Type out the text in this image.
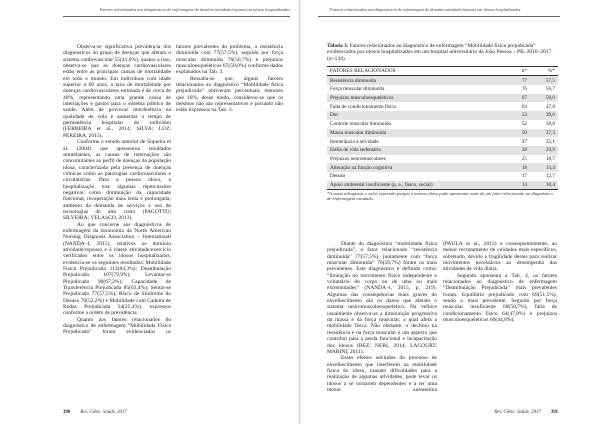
Fatores relacionados aos diagnósticos de enfermagem do domínio atividade/repouso em idosos hospitalizados

Observa-se significativa prevalência dos diagnósticos do grupo de doenças que afetam o sistema cardiovascular 55(41,0%), quanto a isso, observa-se que as doenças cardiovasculares estão entre as principais causas de mortalidade em todo o mundo. Em indivíduos com idade superior a 60 anos, a taxa de mortalidade por doenças cardiovasculares estimada é de cerca de 40%, representando uma grande causa de internações e gastos para o sistema público de saúde. Além de provocar interferência na qualidade de vida e aumentar o tempo de permanência hospitalar do indivíduo (FERREIRA et al., 2014; SILVA; LUZ; PEREIRA, 2015).

Conforme o estudo anterior de Siqueira et al. (2004) que apresentou resultados semelhantes, as causas de internações são concomitantes ao perfil de doenças da população idosa, caracterizada pela presença de doenças crônicas como as patologias cardiovasculares e circulatórias. Para a pessoa idosa, a hospitalização traz algumas repercussões negativas como diminuição da capacidade funcional, recuperação mais lenta e prolongada; aumento da demanda de serviços e uso de tecnologias de alto custo (PAGOTTO; SILVEIRA; VELASCO, 2013).

Ao que concerne aos diagnósticos de enfermagem da taxonomia da North American Nursing Diagnosis Association – International (NANDA–I, 2015), relativos ao domínio atividade/repouso e à classe atividade/exercício verificados entre os idosos hospitalizados, evidencia-se os seguintes resultados: Mobilidade Física Prejudicada 113(84,3%); Deambulação Prejudicada 107(79,9%); Levantar-se Prejudicado 90(67,2%); Capacidade de Transferência Prejudicada 85(63,4%); Sentar-se Prejudicado 77(57,5%); Risco de Síndrome do Desuso 70(52,2%) e Mobilidade com Cadeira de Rodas Prejudicada 34(25,4%), expressos conforme a ordem de prevalência.

Quanto aos fatores relacionados do diagnóstico de enfermagem “Mobilidade Física Prejudicada” foram evidenciados os

fatores prevalentes do problema, a resistência diminuída com 77(57,5%), seguido por força muscular diminuída 76(56,7%) e prejuízos musculoesqueléticos 67(50,0%) conforme dados explanados na Tab. 3.

Ressalta-se que, alguns fatores relacionados ao diagnóstico “Mobilidade física prejudicada” obtiveram percentuais menores que 10%, desse modo, considerou-se que os mesmos não são representativos e portanto não estão expressos na Tab. 3.

390 Rev. Ciênc. Saúde, 2017
Fatores relacionados aos diagnósticos de enfermagem do domínio atividade/repouso em idosos hospitalizados
Tabela 3. Fatores relacionados ao diagnóstico de enfermagem “Mobilidade física prejudicada” evidenciados por idosos hospitalizados em um hospital universitário de João Pessoa – PB, 2016–2017. (n=134)
FATORES RELACIONADOS	n*	%*
Resistência diminuída	77	57,5
Força muscular diminuída	76	56,7
Prejuízos musculoesqueléticos	67	50,0
Falta de condicionamento físico	64	47,8
Dor	53	39,6
Controle muscular diminuído	52	38,8
Massa muscular diminuída	50	37,3
Intolerância à atividade	47	35,1
Estilo de vida sedentário	28	20,9
Prejuízos neuromusculares	25	18,7
Alteração na função cognitiva	18	13,4
Desuso	17	12,7
Apoio ambiental insuficiente (p. e., físico, social)	14	10,4
*A soma ultrapassa o valor esperado porque o mesmo idoso pode apresentar mais de um fator relacionado ao diagnóstico de enfermagem estudado.

Diante do diagnóstico “mobilidade física prejudicada”, o fator relacionado “resistência diminuída” 77(57,5%), juntamente com “força muscular diminuída” 76(56,7%) foram os mais prevalentes. Este diagnóstico é definido como: “limitação no movimento físico independente e voluntário do corpo ou de uma ou mais extremidades” (NANDA–I, 2015, p. 219). Algumas das consequências mais graves do envelhecimento são os danos que afetam o sistema neuromusculoesquelético. Na velhice usualmente observa-se a diminuição progressiva da massa e da força muscular, a qual afeta a mobilidade física. Não obstante, o declínio na resistência e na força muscular é um aspecto que contribui para a perda funcional e incapacitação dos idosos (BEZ; NERI, 2014; LACOURT; MARINI, 2011).

Esses efeitos advindos do processo de envelhecimento que interferem na mobilidade física do idoso, causam dificuldades para a realização de algumas atividades, pode levar os idosos a se tornarem dependentes e a ter uma menor autoestima

(PAULA et al., 2013) e consequentemente, ao menor recrutamento de cuidados mais específicos, sobretudo, devido a fragilidade destes para realizar movimentos necessários ao desempenho das atividades de vida diária.

Segundo apresenta a Tab. 4, os fatores relacionados ao diagnóstico de enfermagem “Deambulação Prejudicada” mais prevalentes foram: Equilíbrio prejudicado com 69(51,5%), sendo o mais prevalente. Seguido por força muscular insuficiente 68(50,7%), falta de condicionamento físico 64(47,8%) e prejuízos musculoesqueléticos 60(44,8%).

Rev. Ciênc. Saúde, 2017 391
